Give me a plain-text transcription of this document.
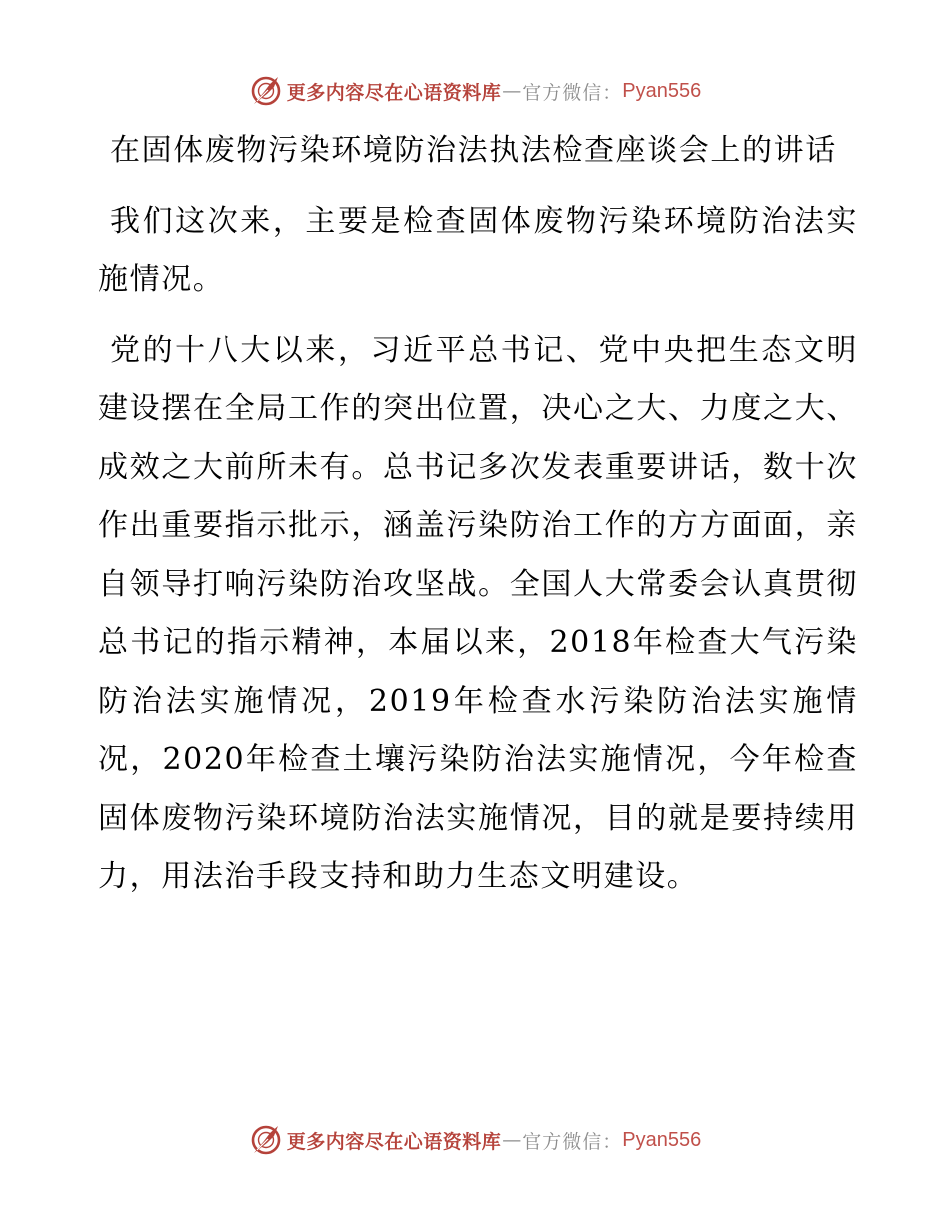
更多内容尽在心语资料库 — 官方微信： Pyan556

在固体废物污染环境防治法执法检查座谈会上的讲话

我们这次来，主要是检查固体废物污染环境防治法实施情况。

党的十八大以来，习近平总书记、党中央把生态文明建设摆在全局工作的突出位置，决心之大、力度之大、成效之大前所未有。总书记多次发表重要讲话，数十次作出重要指示批示，涵盖污染防治工作的方方面面，亲自领导打响污染防治攻坚战。全国人大常委会认真贯彻总书记的指示精神，本届以来，2018年检查大气污染防治法实施情况，2019年检查水污染防治法实施情况，2020年检查土壤污染防治法实施情况，今年检查固体废物污染环境防治法实施情况，目的就是要持续用力，用法治手段支持和助力生态文明建设。

更多内容尽在心语资料库 — 官方微信： Pyan556
